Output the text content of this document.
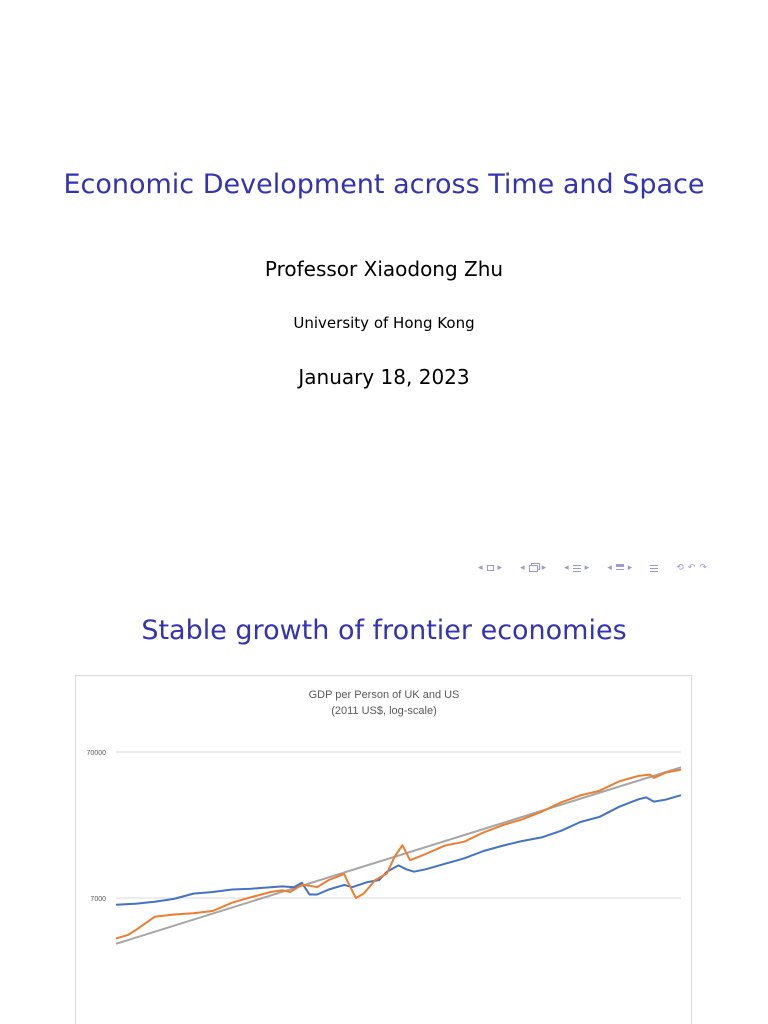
Economic Development across Time and Space
Professor Xiaodong Zhu
University of Hong Kong
January 18, 2023
◂ ▸ ◂ ▸ ◂ ▸ ◂ ▸	⟲ ↶ ↷
Stable growth of frontier economies
GDP per Person of UK and US
(2011 US$, log-scale)
7000
70000
